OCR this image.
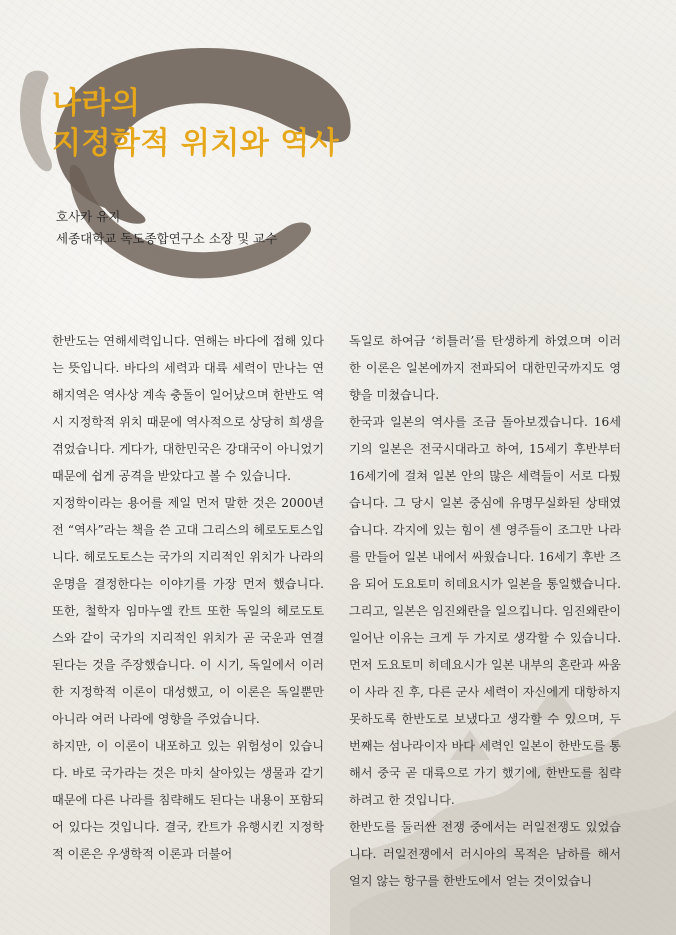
나라의
지정학적 위치와 역사
호사카 유지
세종대학교 독도종합연구소 소장 및 교수

한반도는 연해세력입니다. 연해는 바다에 접해 있다는 뜻입니다. 바다의 세력과 대륙 세력이 만나는 연해지역은 역사상 계속 충돌이 일어났으며 한반도 역시 지정학적 위치 때문에 역사적으로 상당히 희생을 겪었습니다. 게다가, 대한민국은 강대국이 아니었기 때문에 쉽게 공격을 받았다고 볼 수 있습니다.

지정학이라는 용어를 제일 먼저 말한 것은 2000년 전 “역사”라는 책을 쓴 고대 그리스의 헤로도토스입니다. 헤로도토스는 국가의 지리적인 위치가 나라의 운명을 결정한다는 이야기를 가장 먼저 했습니다. 또한, 철학자 임마누엘 칸트 또한 독일의 헤로도토스와 같이 국가의 지리적인 위치가 곧 국운과 연결된다는 것을 주장했습니다. 이 시기, 독일에서 이러한 지정학적 이론이 대성했고, 이 이론은 독일뿐만 아니라 여러 나라에 영향을 주었습니다.

하지만, 이 이론이 내포하고 있는 위험성이 있습니다. 바로 국가라는 것은 마치 살아있는 생물과 같기 때문에 다른 나라를 침략해도 된다는 내용이 포함되어 있다는 것입니다. 결국, 칸트가 유행시킨 지정학적 이론은 우생학적 이론과 더불어

독일로 하여금 ‘히틀러’를 탄생하게 하였으며 이러한 이론은 일본에까지 전파되어 대한민국까지도 영향을 미쳤습니다.

한국과 일본의 역사를 조금 돌아보겠습니다. 16세기의 일본은 전국시대라고 하여, 15세기 후반부터 16세기에 걸쳐 일본 안의 많은 세력들이 서로 다퉜습니다. 그 당시 일본 중심에 유명무실화된 상태였습니다. 각지에 있는 힘이 센 영주들이 조그만 나라를 만들어 일본 내에서 싸웠습니다. 16세기 후반 즈음 되어 도요토미 히데요시가 일본을 통일했습니다. 그리고, 일본은 임진왜란을 일으킵니다. 임진왜란이 일어난 이유는 크게 두 가지로 생각할 수 있습니다. 먼저 도요토미 히데요시가 일본 내부의 혼란과 싸움이 사라 진 후, 다른 군사 세력이 자신에게 대항하지 못하도록 한반도로 보냈다고 생각할 수 있으며, 두 번째는 섬나라이자 바다 세력인 일본이 한반도를 통해서 중국 곧 대륙으로 가기 했기에, 한반도를 침략하려고 한 것입니다.

한반도를 둘러싼 전쟁 중에서는 러일전쟁도 있었습니다. 러일전쟁에서 러시아의 목적은 남하를 해서 얼지 않는 항구를 한반도에서 얻는 것이었습니
